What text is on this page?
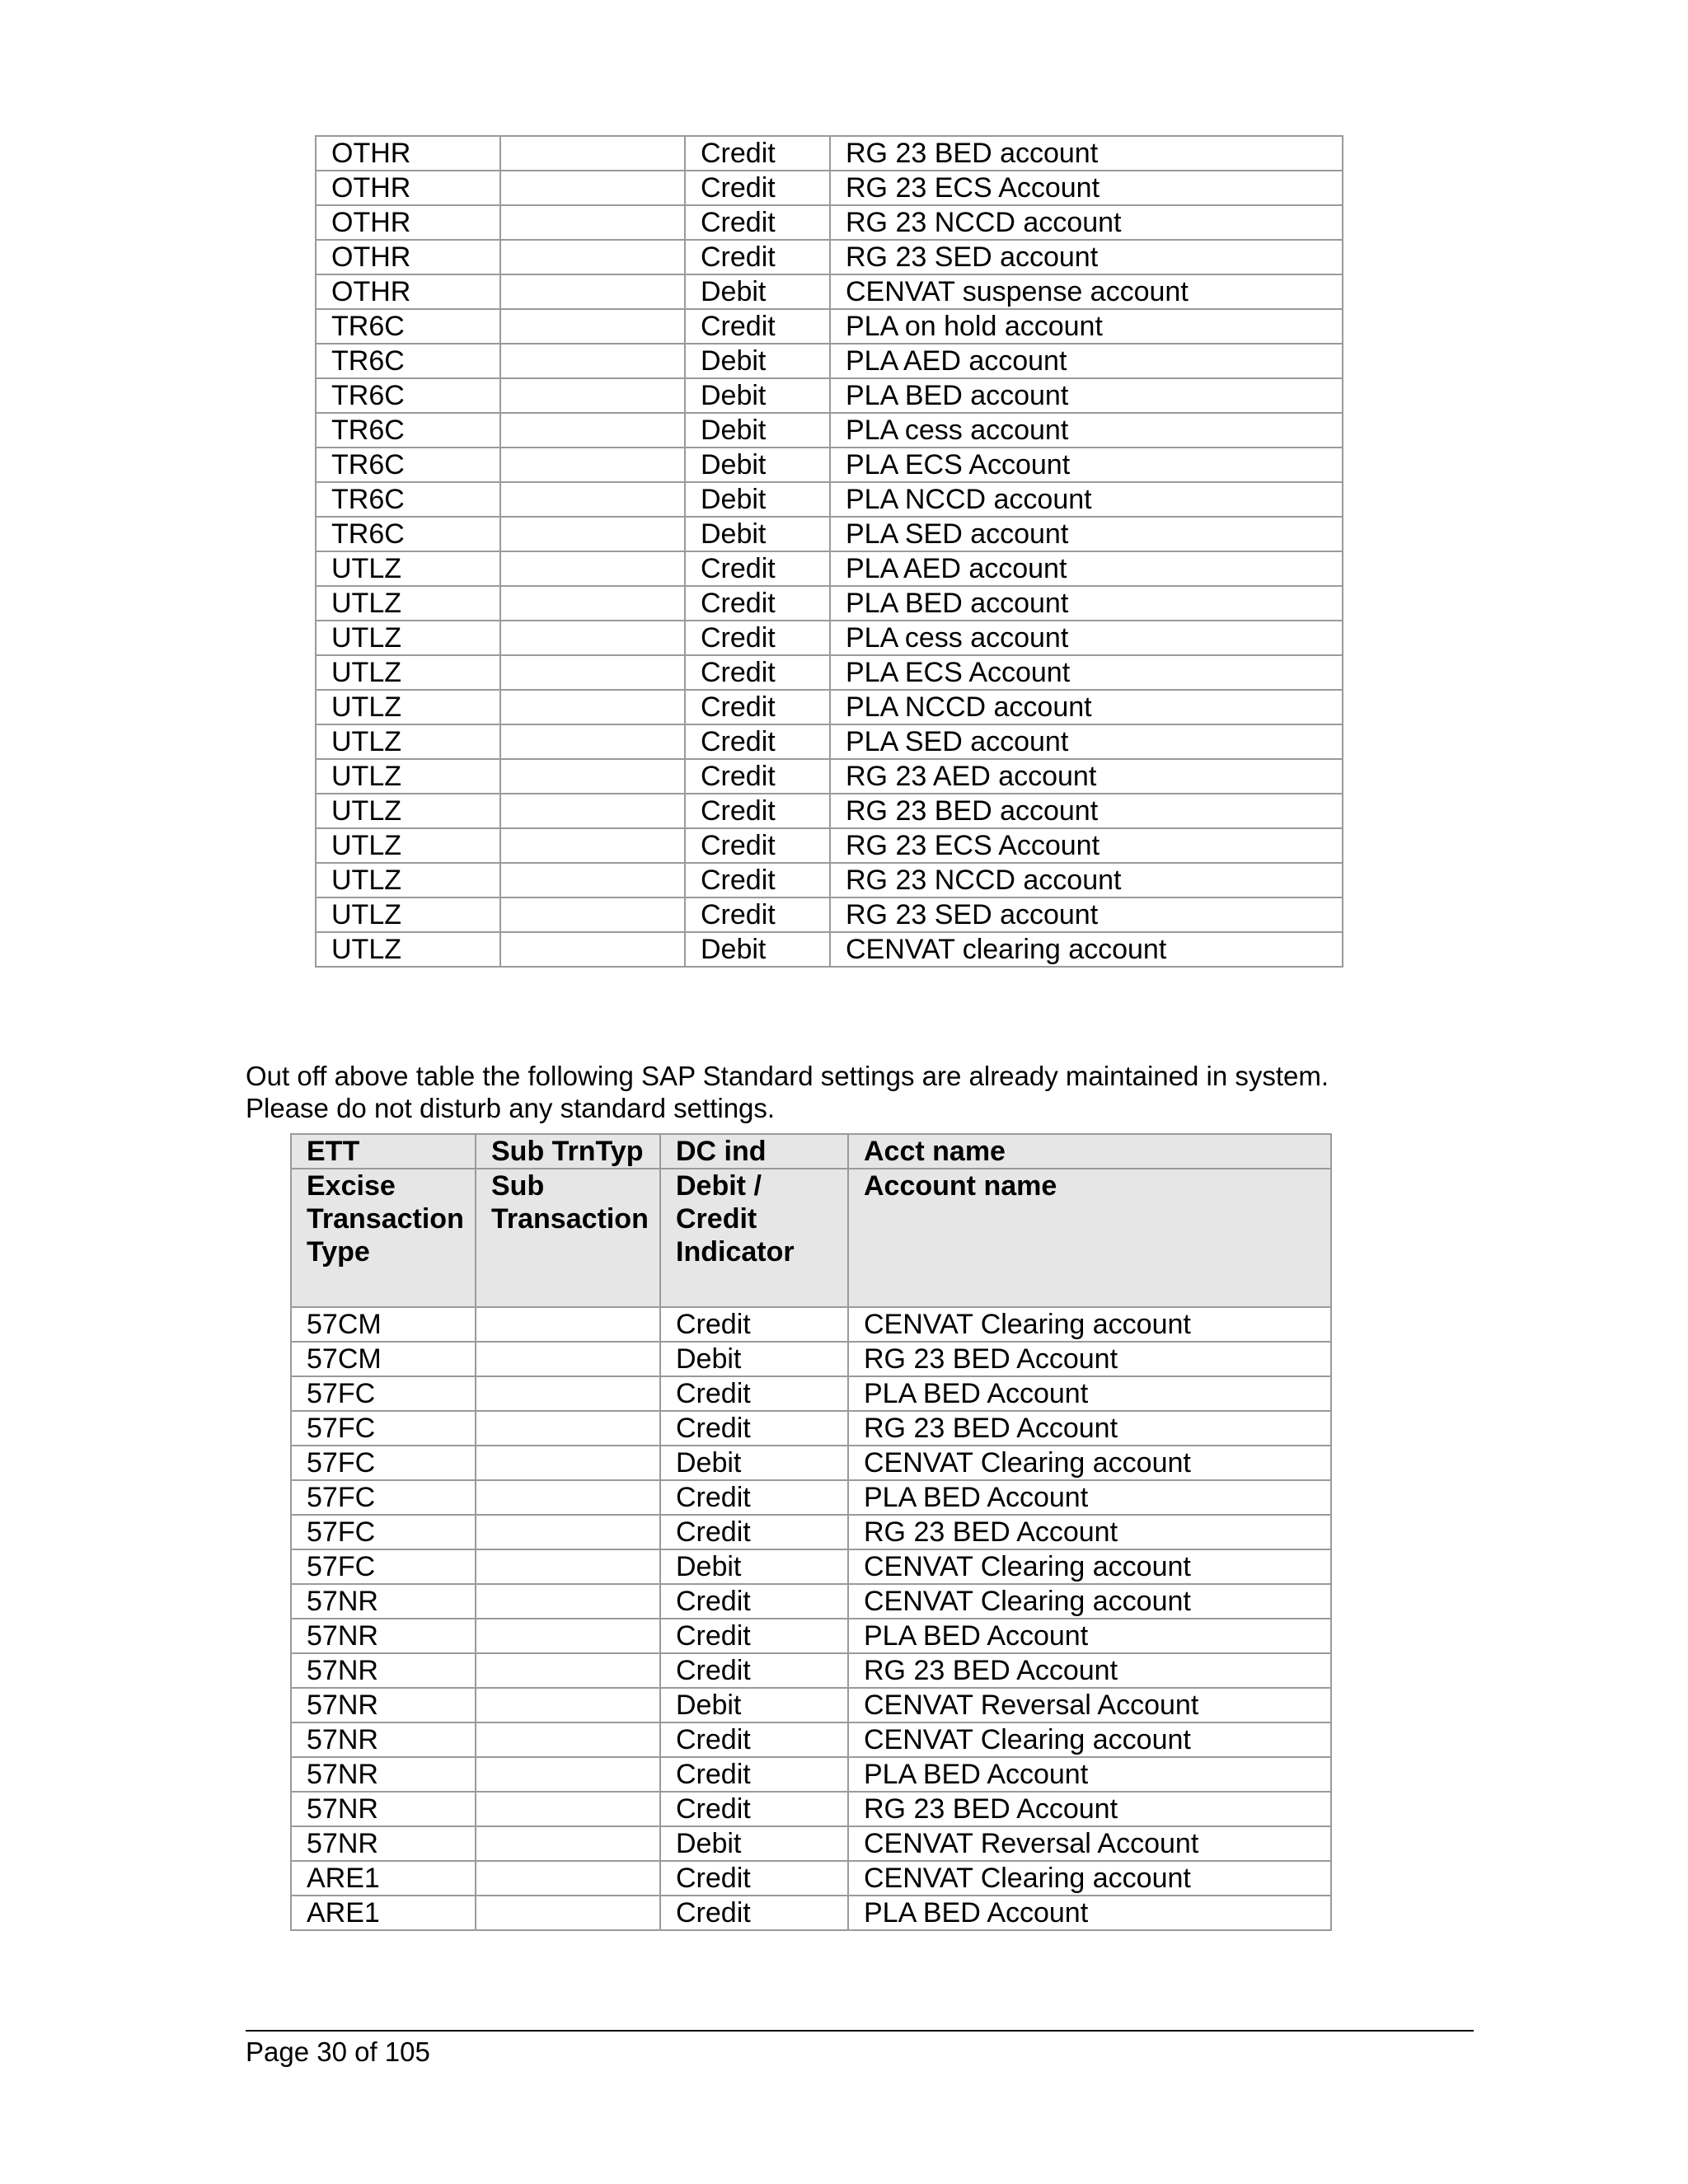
OTHR		Credit	RG 23 BED account
OTHR		Credit	RG 23 ECS Account
OTHR		Credit	RG 23 NCCD account
OTHR		Credit	RG 23 SED account
OTHR		Debit	CENVAT suspense account
TR6C		Credit	PLA on hold account
TR6C		Debit	PLA AED account
TR6C		Debit	PLA BED account
TR6C		Debit	PLA cess account
TR6C		Debit	PLA ECS Account
TR6C		Debit	PLA NCCD account
TR6C		Debit	PLA SED account
UTLZ		Credit	PLA AED account
UTLZ		Credit	PLA BED account
UTLZ		Credit	PLA cess account
UTLZ		Credit	PLA ECS Account
UTLZ		Credit	PLA NCCD account
UTLZ		Credit	PLA SED account
UTLZ		Credit	RG 23 AED account
UTLZ		Credit	RG 23 BED account
UTLZ		Credit	RG 23 ECS Account
UTLZ		Credit	RG 23 NCCD account
UTLZ		Credit	RG 23 SED account
UTLZ		Debit	CENVAT clearing account
Out off above table the following SAP Standard settings are already maintained in system.
Please do not disturb any standard settings.
ETT	Sub TrnTyp	DC ind	Acct name
Excise Transaction Type	Sub Transaction	Debit / Credit Indicator	Account name
57CM		Credit	CENVAT Clearing account
57CM		Debit	RG 23 BED Account
57FC		Credit	PLA BED Account
57FC		Credit	RG 23 BED Account
57FC		Debit	CENVAT Clearing account
57FC		Credit	PLA BED Account
57FC		Credit	RG 23 BED Account
57FC		Debit	CENVAT Clearing account
57NR		Credit	CENVAT Clearing account
57NR		Credit	PLA BED Account
57NR		Credit	RG 23 BED Account
57NR		Debit	CENVAT Reversal Account
57NR		Credit	CENVAT Clearing account
57NR		Credit	PLA BED Account
57NR		Credit	RG 23 BED Account
57NR		Debit	CENVAT Reversal Account
ARE1		Credit	CENVAT Clearing account
ARE1		Credit	PLA BED Account
Page 30 of 105
